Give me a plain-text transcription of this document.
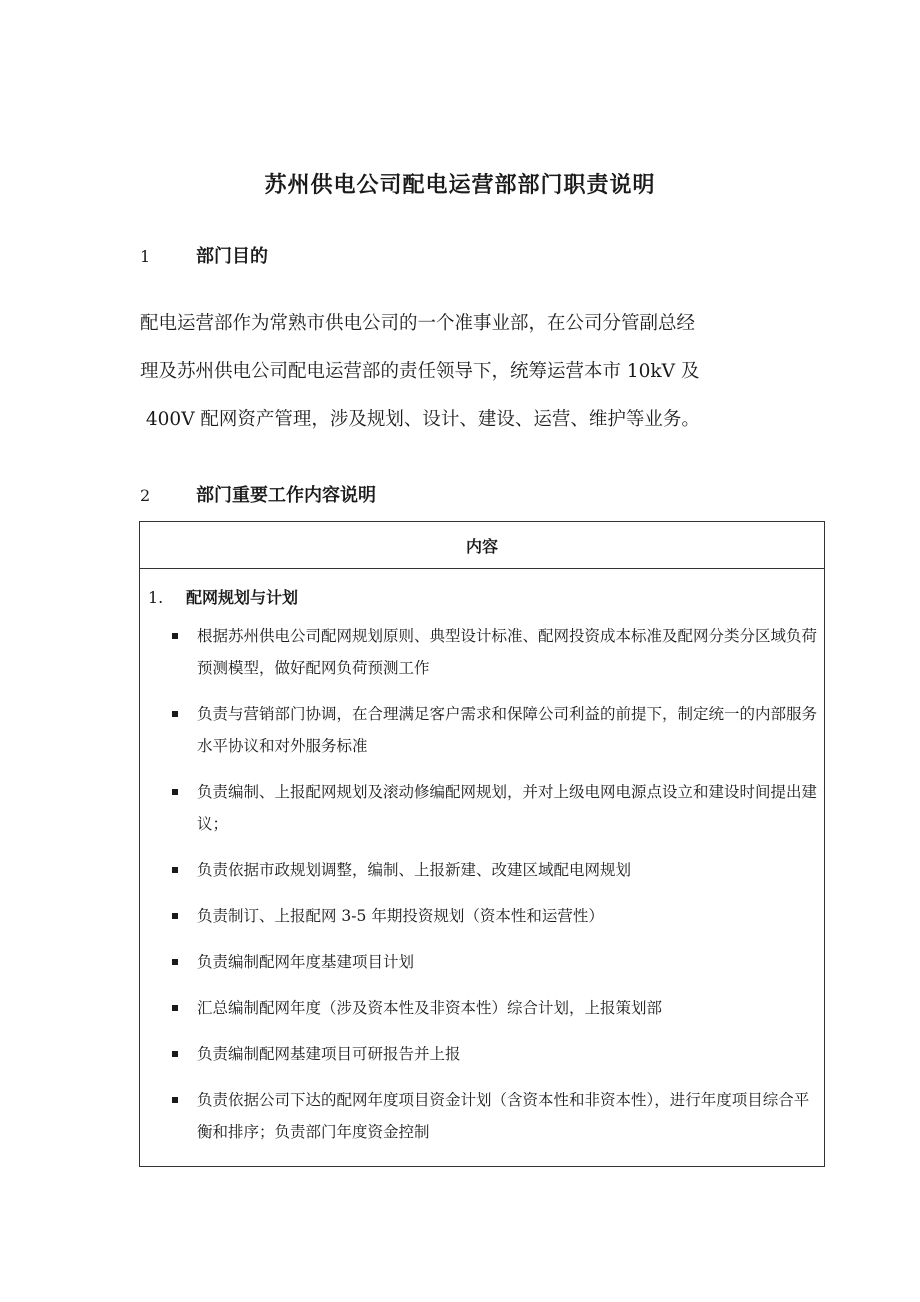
苏州供电公司配电运营部部门职责说明
1	部门目的
配电运营部作为常熟市供电公司的一个准事业部，在公司分管副总经
理及苏州供电公司配电运营部的责任领导下，统筹运营本市 10kV 及
400V 配网资产管理，涉及规划、设计、建设、运营、维护等业务。
2	部门重要工作内容说明
内容
1.	配网规划与计划
根据苏州供电公司配网规划原则、典型设计标准、配网投资成本标准及配网分类分区域负荷预测模型，做好配网负荷预测工作
负责与营销部门协调，在合理满足客户需求和保障公司利益的前提下，制定统一的内部服务水平协议和对外服务标准
负责编制、上报配网规划及滚动修编配网规划，并对上级电网电源点设立和建设时间提出建议；
负责依据市政规划调整，编制、上报新建、改建区域配电网规划
负责制订、上报配网 3-5 年期投资规划（资本性和运营性）
负责编制配网年度基建项目计划
汇总编制配网年度（涉及资本性及非资本性）综合计划，上报策划部
负责编制配网基建项目可研报告并上报
负责依据公司下达的配网年度项目资金计划（含资本性和非资本性），进行年度项目综合平衡和排序；负责部门年度资金控制
